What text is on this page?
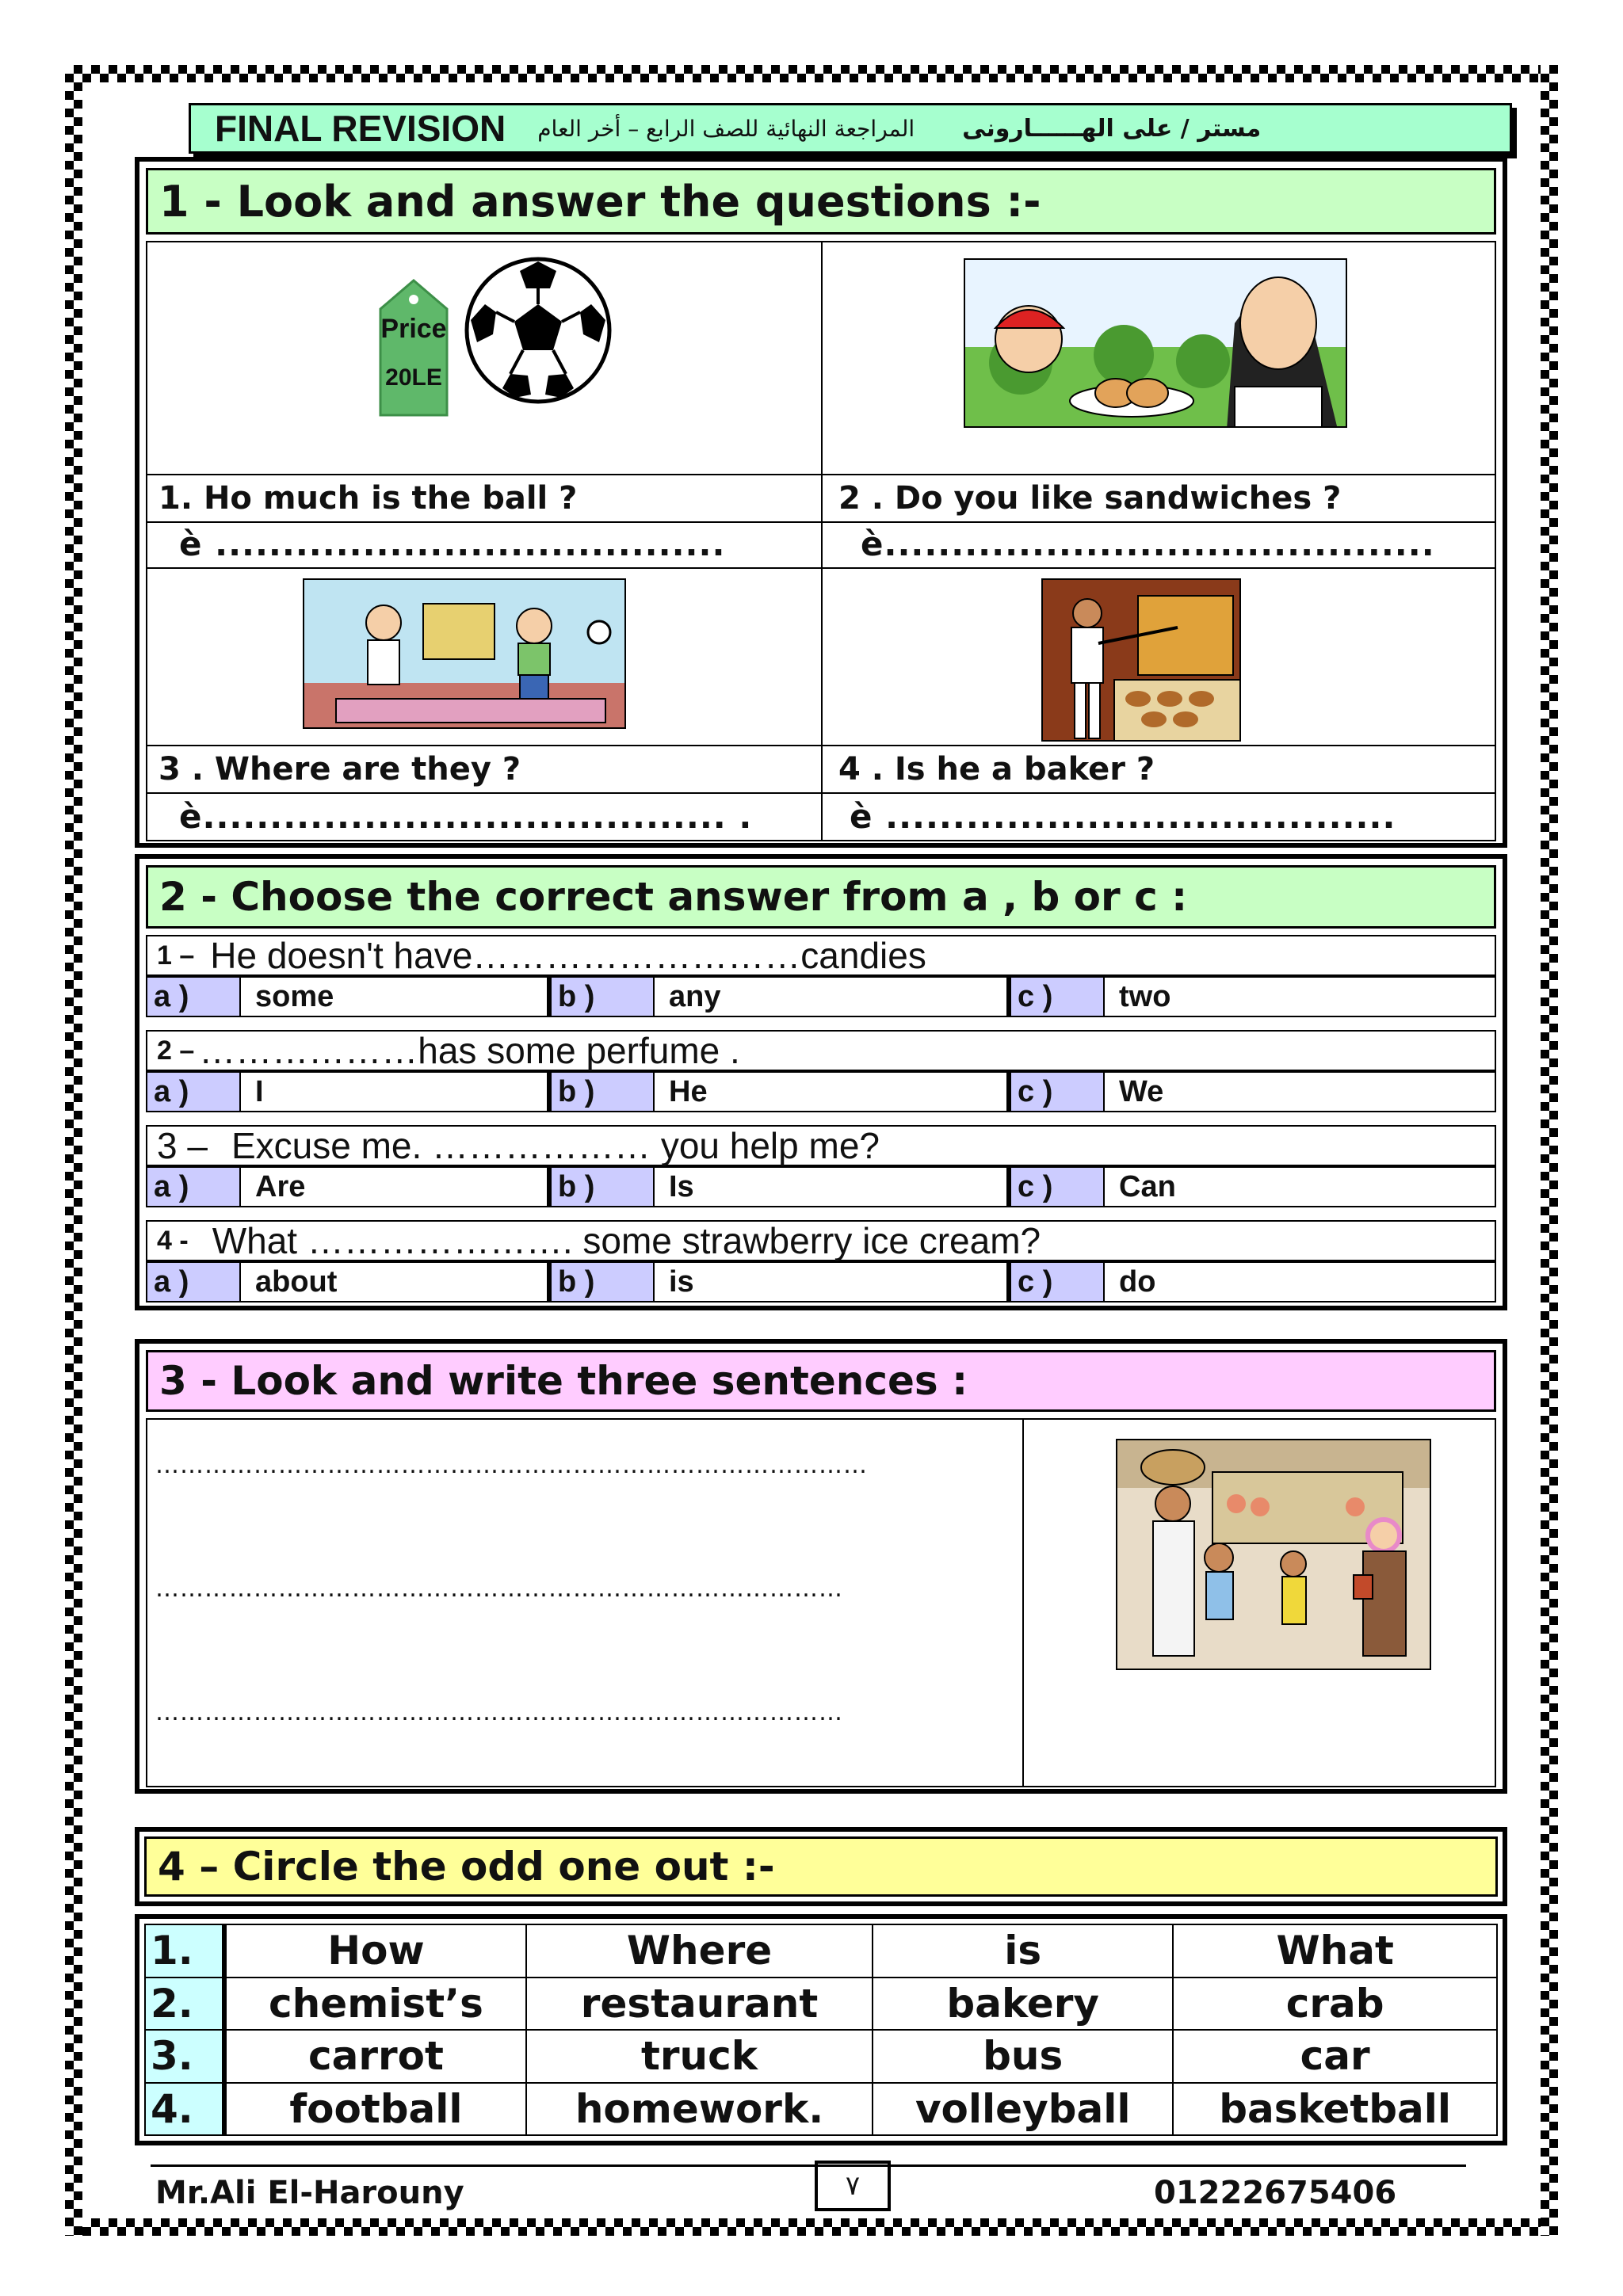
FINAL REVISION المراجعة النهائية للصف الرابع – أخر العام مستر / على الهــــــارونى
1 - Look and answer the questions :-
Price
20LE
1. Ho much is the ball ?
è ......................................
2 . Do you like sandwiches ?
è.........................................
3 . Where are they ?
è....................................... .
4 . Is he a baker ?
è ......................................
2 - Choose the correct answer from a , b or c :
1 – He doesn't have………………………candies
a )	some	b )	any	c )	two
2 – ………………has some perfume .
a )	I	b )	He	c )	We
3 – Excuse me. ……………… you help me?
a )	Are	b )	Is	c )	Can
4 - What …………………. some strawberry ice cream?
a )	about	b )	is	c )	do
3 - Look and write three sentences :
……………………………………………………………………………
…………………………………………………………………………
…………………………………………………………………………
4 – Circle the odd one out :-
1.	How	Where	is	What
2.	chemist’s	restaurant	bakery	crab
3.	carrot	truck	bus	car
4.	football	homework.	volleyball	basketball
Mr.Ali El-Harouny	٧	01222675406
